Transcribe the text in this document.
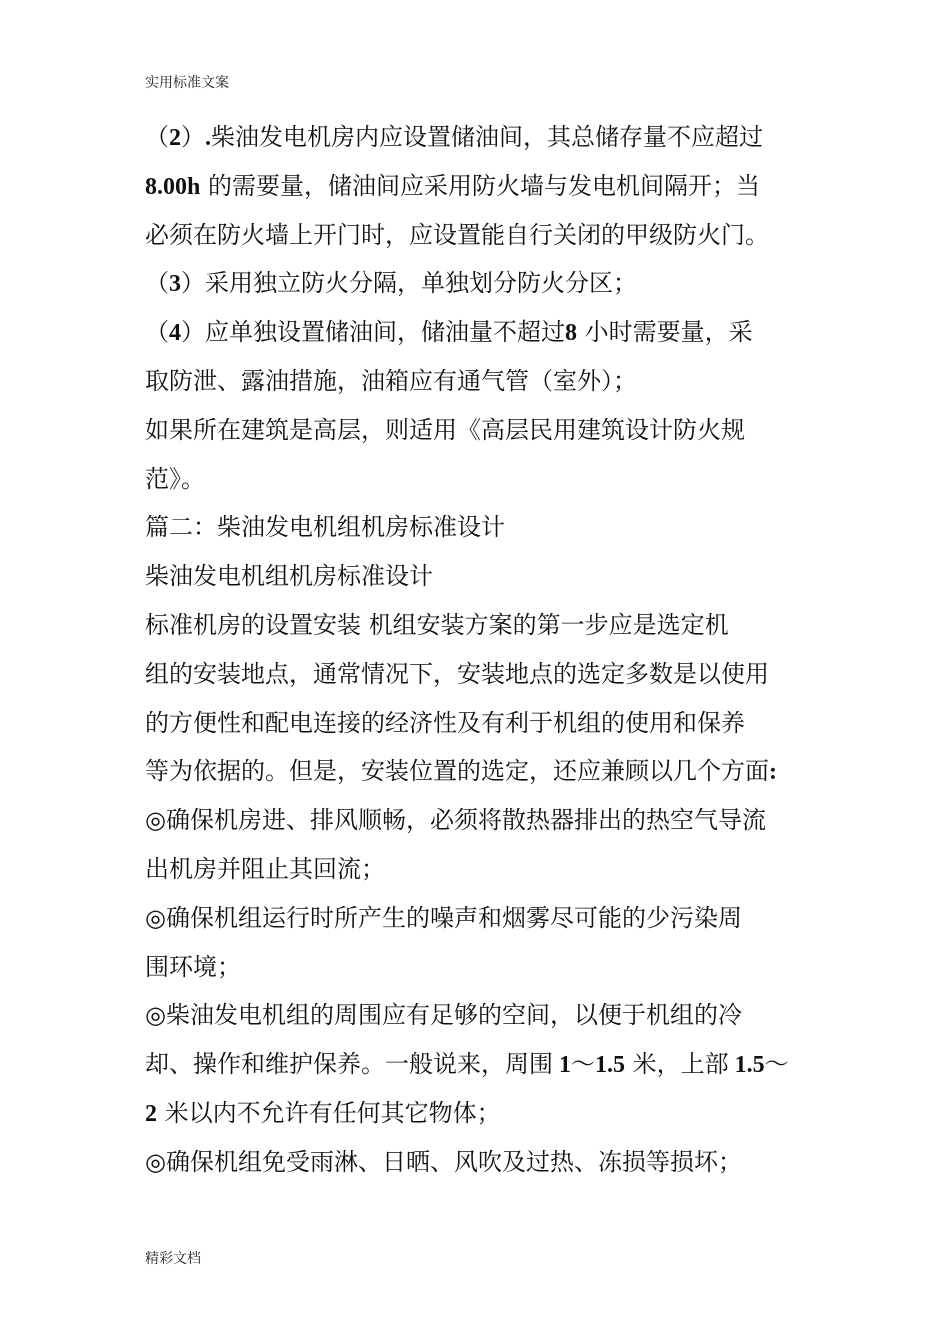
实用标准文案
（2）.柴油发电机房内应设置储油间，其总储存量不应超过
8.00h 的需要量，储油间应采用防火墙与发电机间隔开；当
必须在防火墙上开门时，应设置能自行关闭的甲级防火门。
（3）采用独立防火分隔，单独划分防火分区；
（4）应单独设置储油间，储油量不超过8 小时需要量，采
取防泄、露油措施，油箱应有通气管（室外）；
如果所在建筑是高层，则适用《高层民用建筑设计防火规
范》。
篇二：柴油发电机组机房标准设计
柴油发电机组机房标准设计
标准机房的设置安装 机组安装方案的第一步应是选定机
组的安装地点，通常情况下，安装地点的选定多数是以使用
的方便性和配电连接的经济性及有利于机组的使用和保养
等为依据的。但是，安装位置的选定，还应兼顾以几个方面:
◎确保机房进、排风顺畅，必须将散热器排出的热空气导流
出机房并阻止其回流；
◎确保机组运行时所产生的噪声和烟雾尽可能的少污染周
围环境；
◎柴油发电机组的周围应有足够的空间，以便于机组的冷
却、操作和维护保养。一般说来，周围 1～1.5 米，上部 1.5～
2 米以内不允许有任何其它物体；
◎确保机组免受雨淋、日晒、风吹及过热、冻损等损坏；
精彩文档
